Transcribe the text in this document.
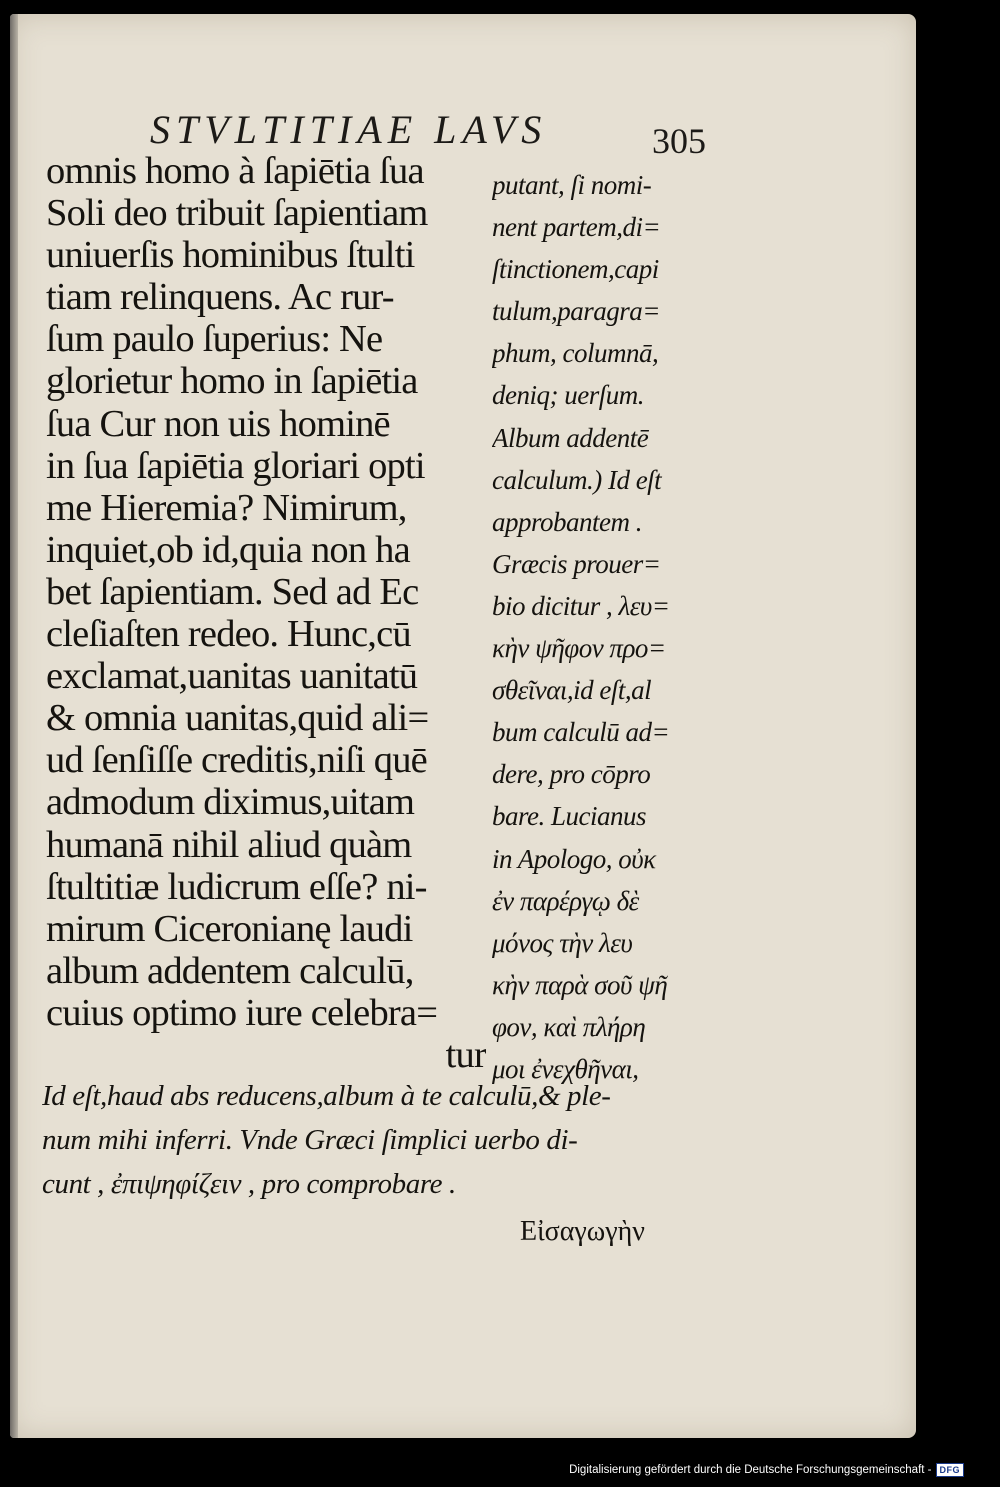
STVLTITIAE LAVS	305
omnis homo à ſapiētia ſua
Soli deo tribuit ſapientiam
uniuerſis hominibus ſtulti
tiam relinquens. Ac rur-
ſum paulo ſuperius: Ne
glorietur homo in ſapiētia
ſua Cur non uis hominē
in ſua ſapiētia gloriari opti
me Hieremia? Nimirum,
inquiet,ob id,quia non ha
bet ſapientiam. Sed ad Ec
cleſiaſten redeo. Hunc,cū
exclamat,uanitas uanitatū
& omnia uanitas,quid ali=
ud ſenſiſſe creditis,niſi quē
admodum diximus,uitam
humanā nihil aliud quàm
ſtultitiæ ludicrum eſſe? ni-
mirum Ciceronianę laudi
album addentem calculū,
cuius optimo iure celebra=
tur
putant, ſi nomi-
nent partem,di=
ſtinctionem,capi
tulum,paragra=
phum, columnā,
deniq; uerſum.
Album addentē
calculum.) Id eſt
approbantem .
Græcis prouer=
bio dicitur , λευ=
κὴν ψῆφον προ=
σθεῖναι,id eſt,al
bum calculū ad=
dere, pro cōpro
bare. Lucianus
in Apologo, οὐκ
ἐν παρέργῳ δὲ
μόνος τὴν λευ
κὴν παρὰ σοῦ ψῆ
φον, καὶ πλήρη
μοι ἐνεχθῆναι,
Id eſt,haud abs reducens,album à te calculū,& ple-
num mihi inferri. Vnde Græci ſimplici uerbo di-
cunt , ἐπιψηφίζειν , pro comprobare .
Εἰσαγωγὴν
Digitalisierung gefördert durch die Deutsche Forschungsgemeinschaft - DFG
